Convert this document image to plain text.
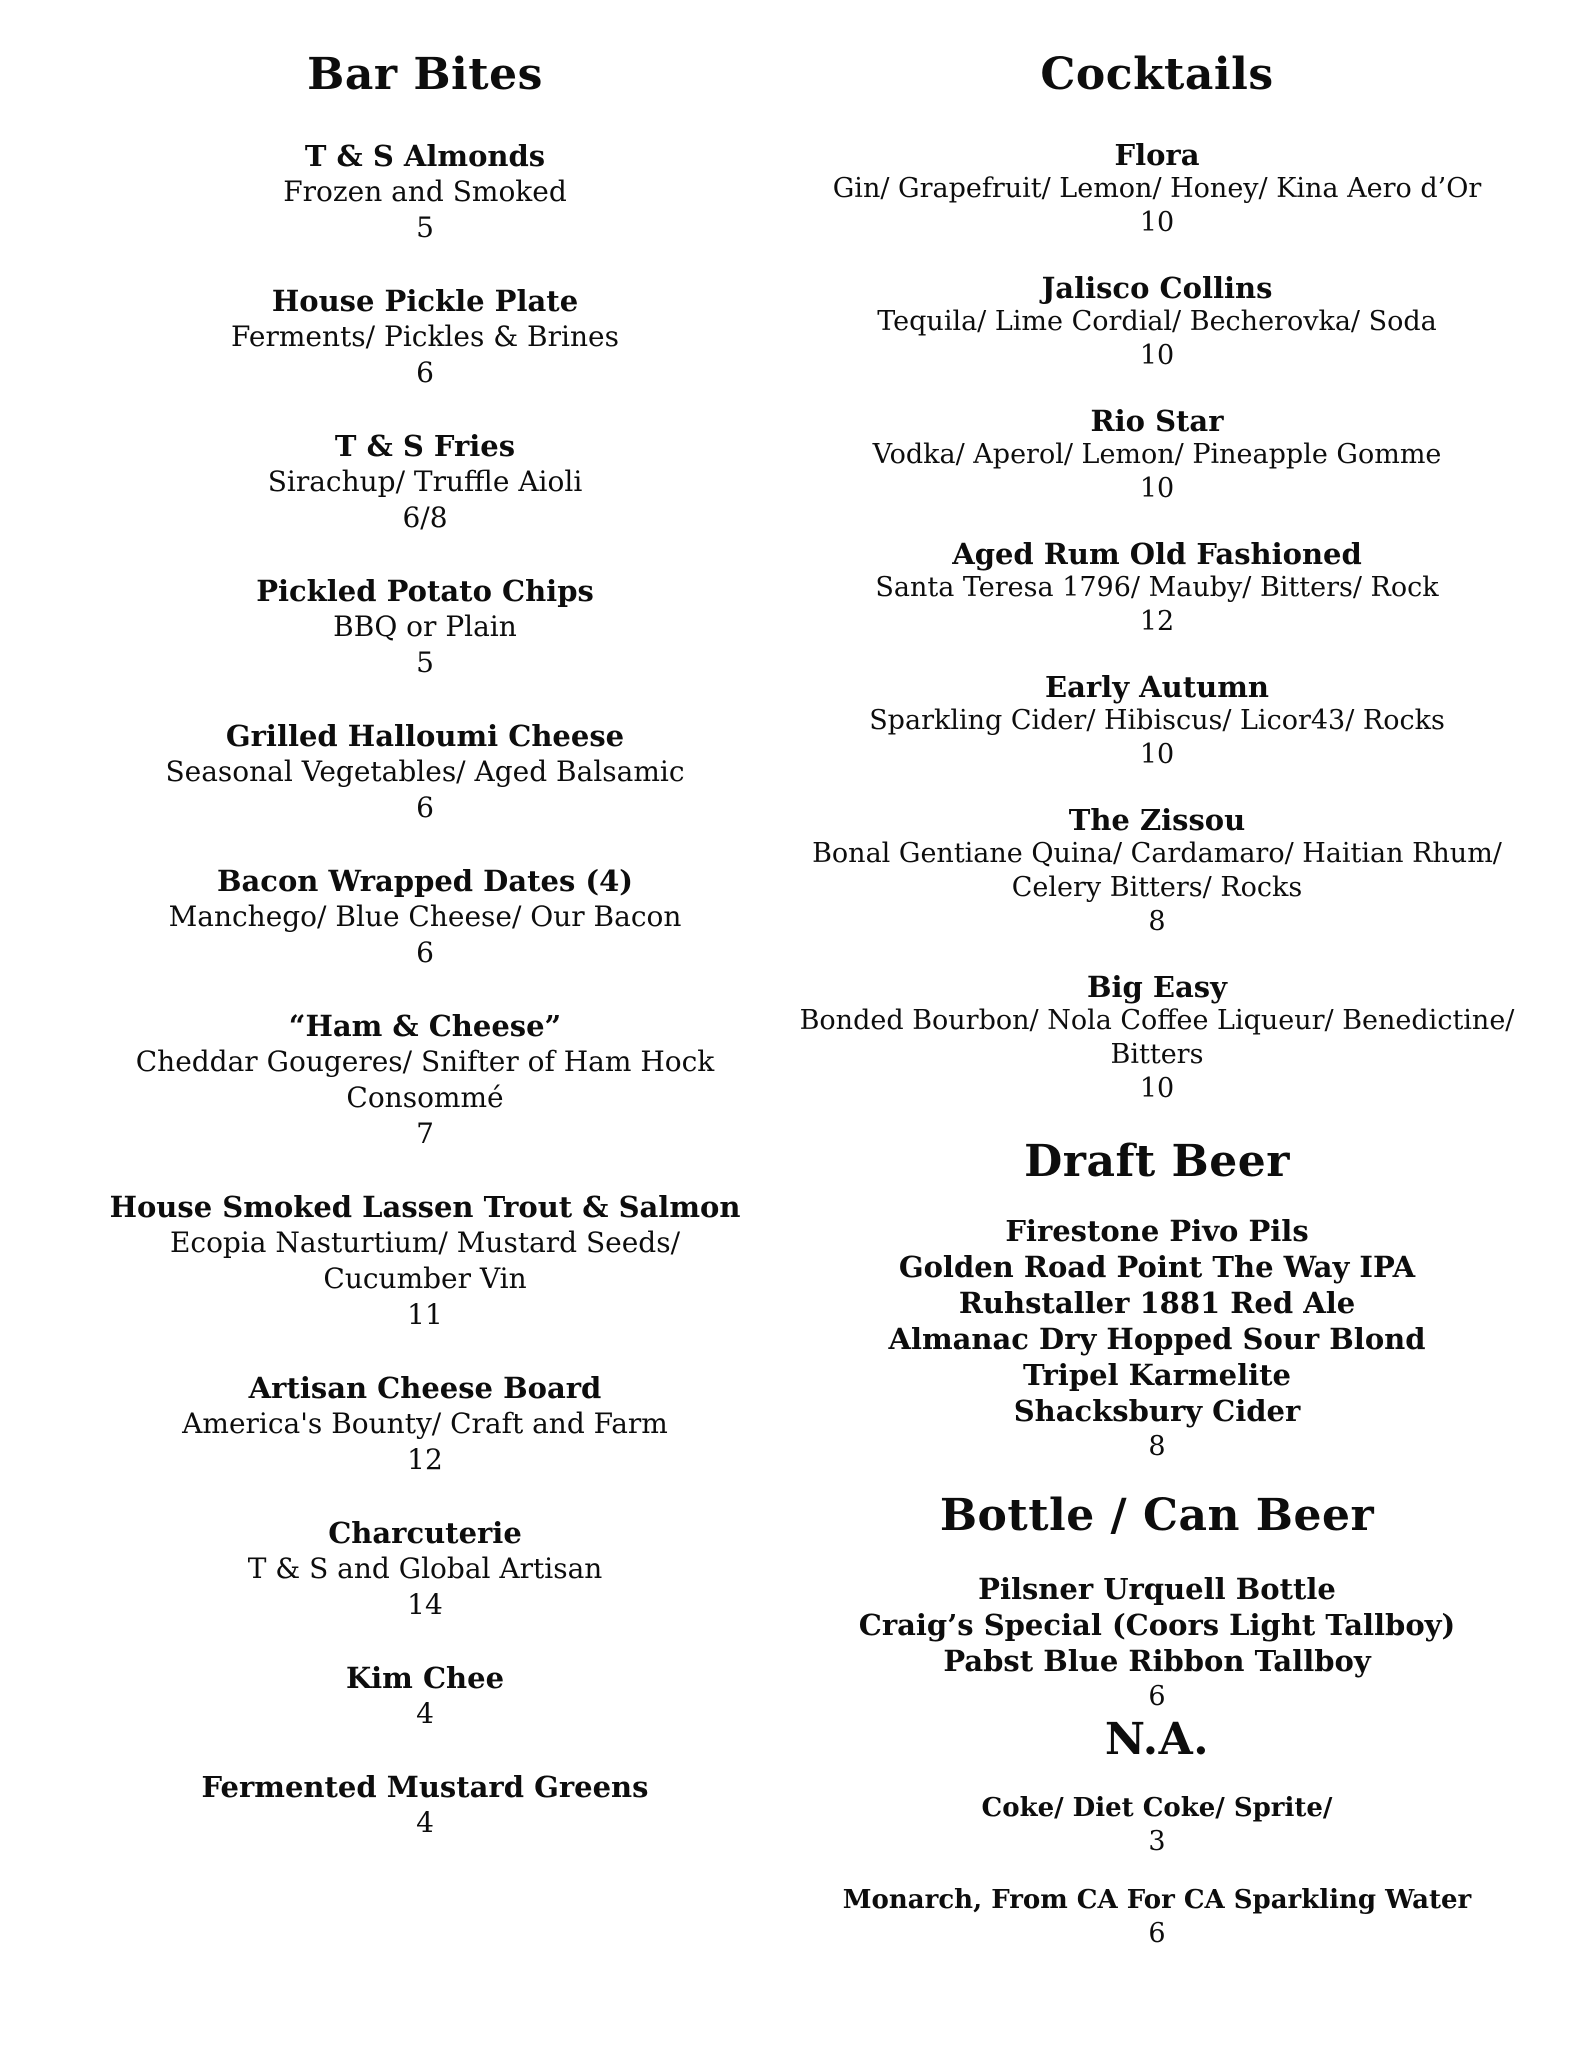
Bar Bites
T & S Almonds
Frozen and Smoked
5
House Pickle Plate
Ferments/ Pickles & Brines
6
T & S Fries
Sirachup/ Truffle Aioli
6/8
Pickled Potato Chips
BBQ or Plain
5
Grilled Halloumi Cheese
Seasonal Vegetables/ Aged Balsamic
6
Bacon Wrapped Dates (4)
Manchego/ Blue Cheese/ Our Bacon
6
“Ham & Cheese”
Cheddar Gougeres/ Snifter of Ham Hock
Consommé
7
House Smoked Lassen Trout & Salmon
Ecopia Nasturtium/ Mustard Seeds/
Cucumber Vin
11
Artisan Cheese Board
America's Bounty/ Craft and Farm
12
Charcuterie
T & S and Global Artisan
14
Kim Chee
4
Fermented Mustard Greens
4
Cocktails
Flora
Gin/ Grapefruit/ Lemon/ Honey/ Kina Aero d’Or
10
Jalisco Collins
Tequila/ Lime Cordial/ Becherovka/ Soda
10
Rio Star
Vodka/ Aperol/ Lemon/ Pineapple Gomme
10
Aged Rum Old Fashioned
Santa Teresa 1796/ Mauby/ Bitters/ Rock
12
Early Autumn
Sparkling Cider/ Hibiscus/ Licor43/ Rocks
10
The Zissou
Bonal Gentiane Quina/ Cardamaro/ Haitian Rhum/
Celery Bitters/ Rocks
8
Big Easy
Bonded Bourbon/ Nola Coffee Liqueur/ Benedictine/
Bitters
10
Draft Beer
Firestone Pivo Pils
Golden Road Point The Way IPA
Ruhstaller 1881 Red Ale
Almanac Dry Hopped Sour Blond
Tripel Karmelite
Shacksbury Cider
8
Bottle / Can Beer
Pilsner Urquell Bottle
Craig’s Special (Coors Light Tallboy)
Pabst Blue Ribbon Tallboy
6
N.A.
Coke/ Diet Coke/ Sprite/
3
Monarch, From CA For CA Sparkling Water
6
